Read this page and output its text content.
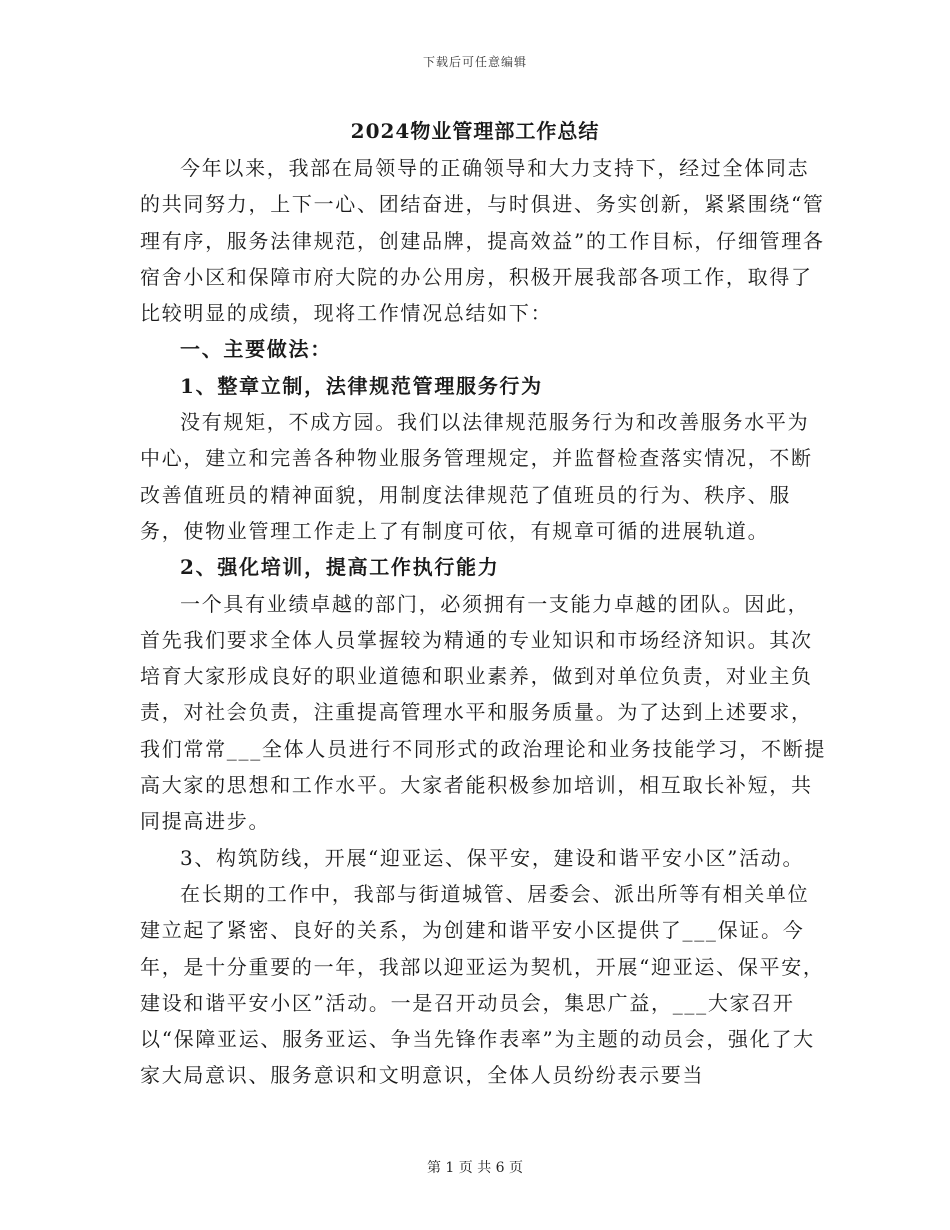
下载后可任意编辑
2024物业管理部工作总结

今年以来，我部在局领导的正确领导和大力支持下，经过全体同志的共同努力，上下一心、团结奋进，与时俱进、务实创新，紧紧围绕“管理有序，服务法律规范，创建品牌，提高效益”的工作目标，仔细管理各宿舍小区和保障市府大院的办公用房，积极开展我部各项工作，取得了比较明显的成绩，现将工作情况总结如下：

一、主要做法：

1、整章立制，法律规范管理服务行为

没有规矩，不成方园。我们以法律规范服务行为和改善服务水平为中心，建立和完善各种物业服务管理规定，并监督检查落实情况，不断改善值班员的精神面貌，用制度法律规范了值班员的行为、秩序、服务，使物业管理工作走上了有制度可依，有规章可循的进展轨道。

2、强化培训，提高工作执行能力

一个具有业绩卓越的部门，必须拥有一支能力卓越的团队。因此，首先我们要求全体人员掌握较为精通的专业知识和市场经济知识。其次培育大家形成良好的职业道德和职业素养，做到对单位负责，对业主负责，对社会负责，注重提高管理水平和服务质量。为了达到上述要求，我们常常___全体人员进行不同形式的政治理论和业务技能学习，不断提高大家的思想和工作水平。大家者能积极参加培训，相互取长补短，共同提高进步。

3、构筑防线，开展“迎亚运、保平安，建设和谐平安小区”活动。

在长期的工作中，我部与街道城管、居委会、派出所等有相关单位建立起了紧密、良好的关系，为创建和谐平安小区提供了___保证。今年，是十分重要的一年，我部以迎亚运为契机，开展“迎亚运、保平安，建设和谐平安小区”活动。一是召开动员会，集思广益，___大家召开以“保障亚运、服务亚运、争当先锋作表率”为主题的动员会，强化了大家大局意识、服务意识和文明意识，全体人员纷纷表示要当

第 1 页 共 6 页
